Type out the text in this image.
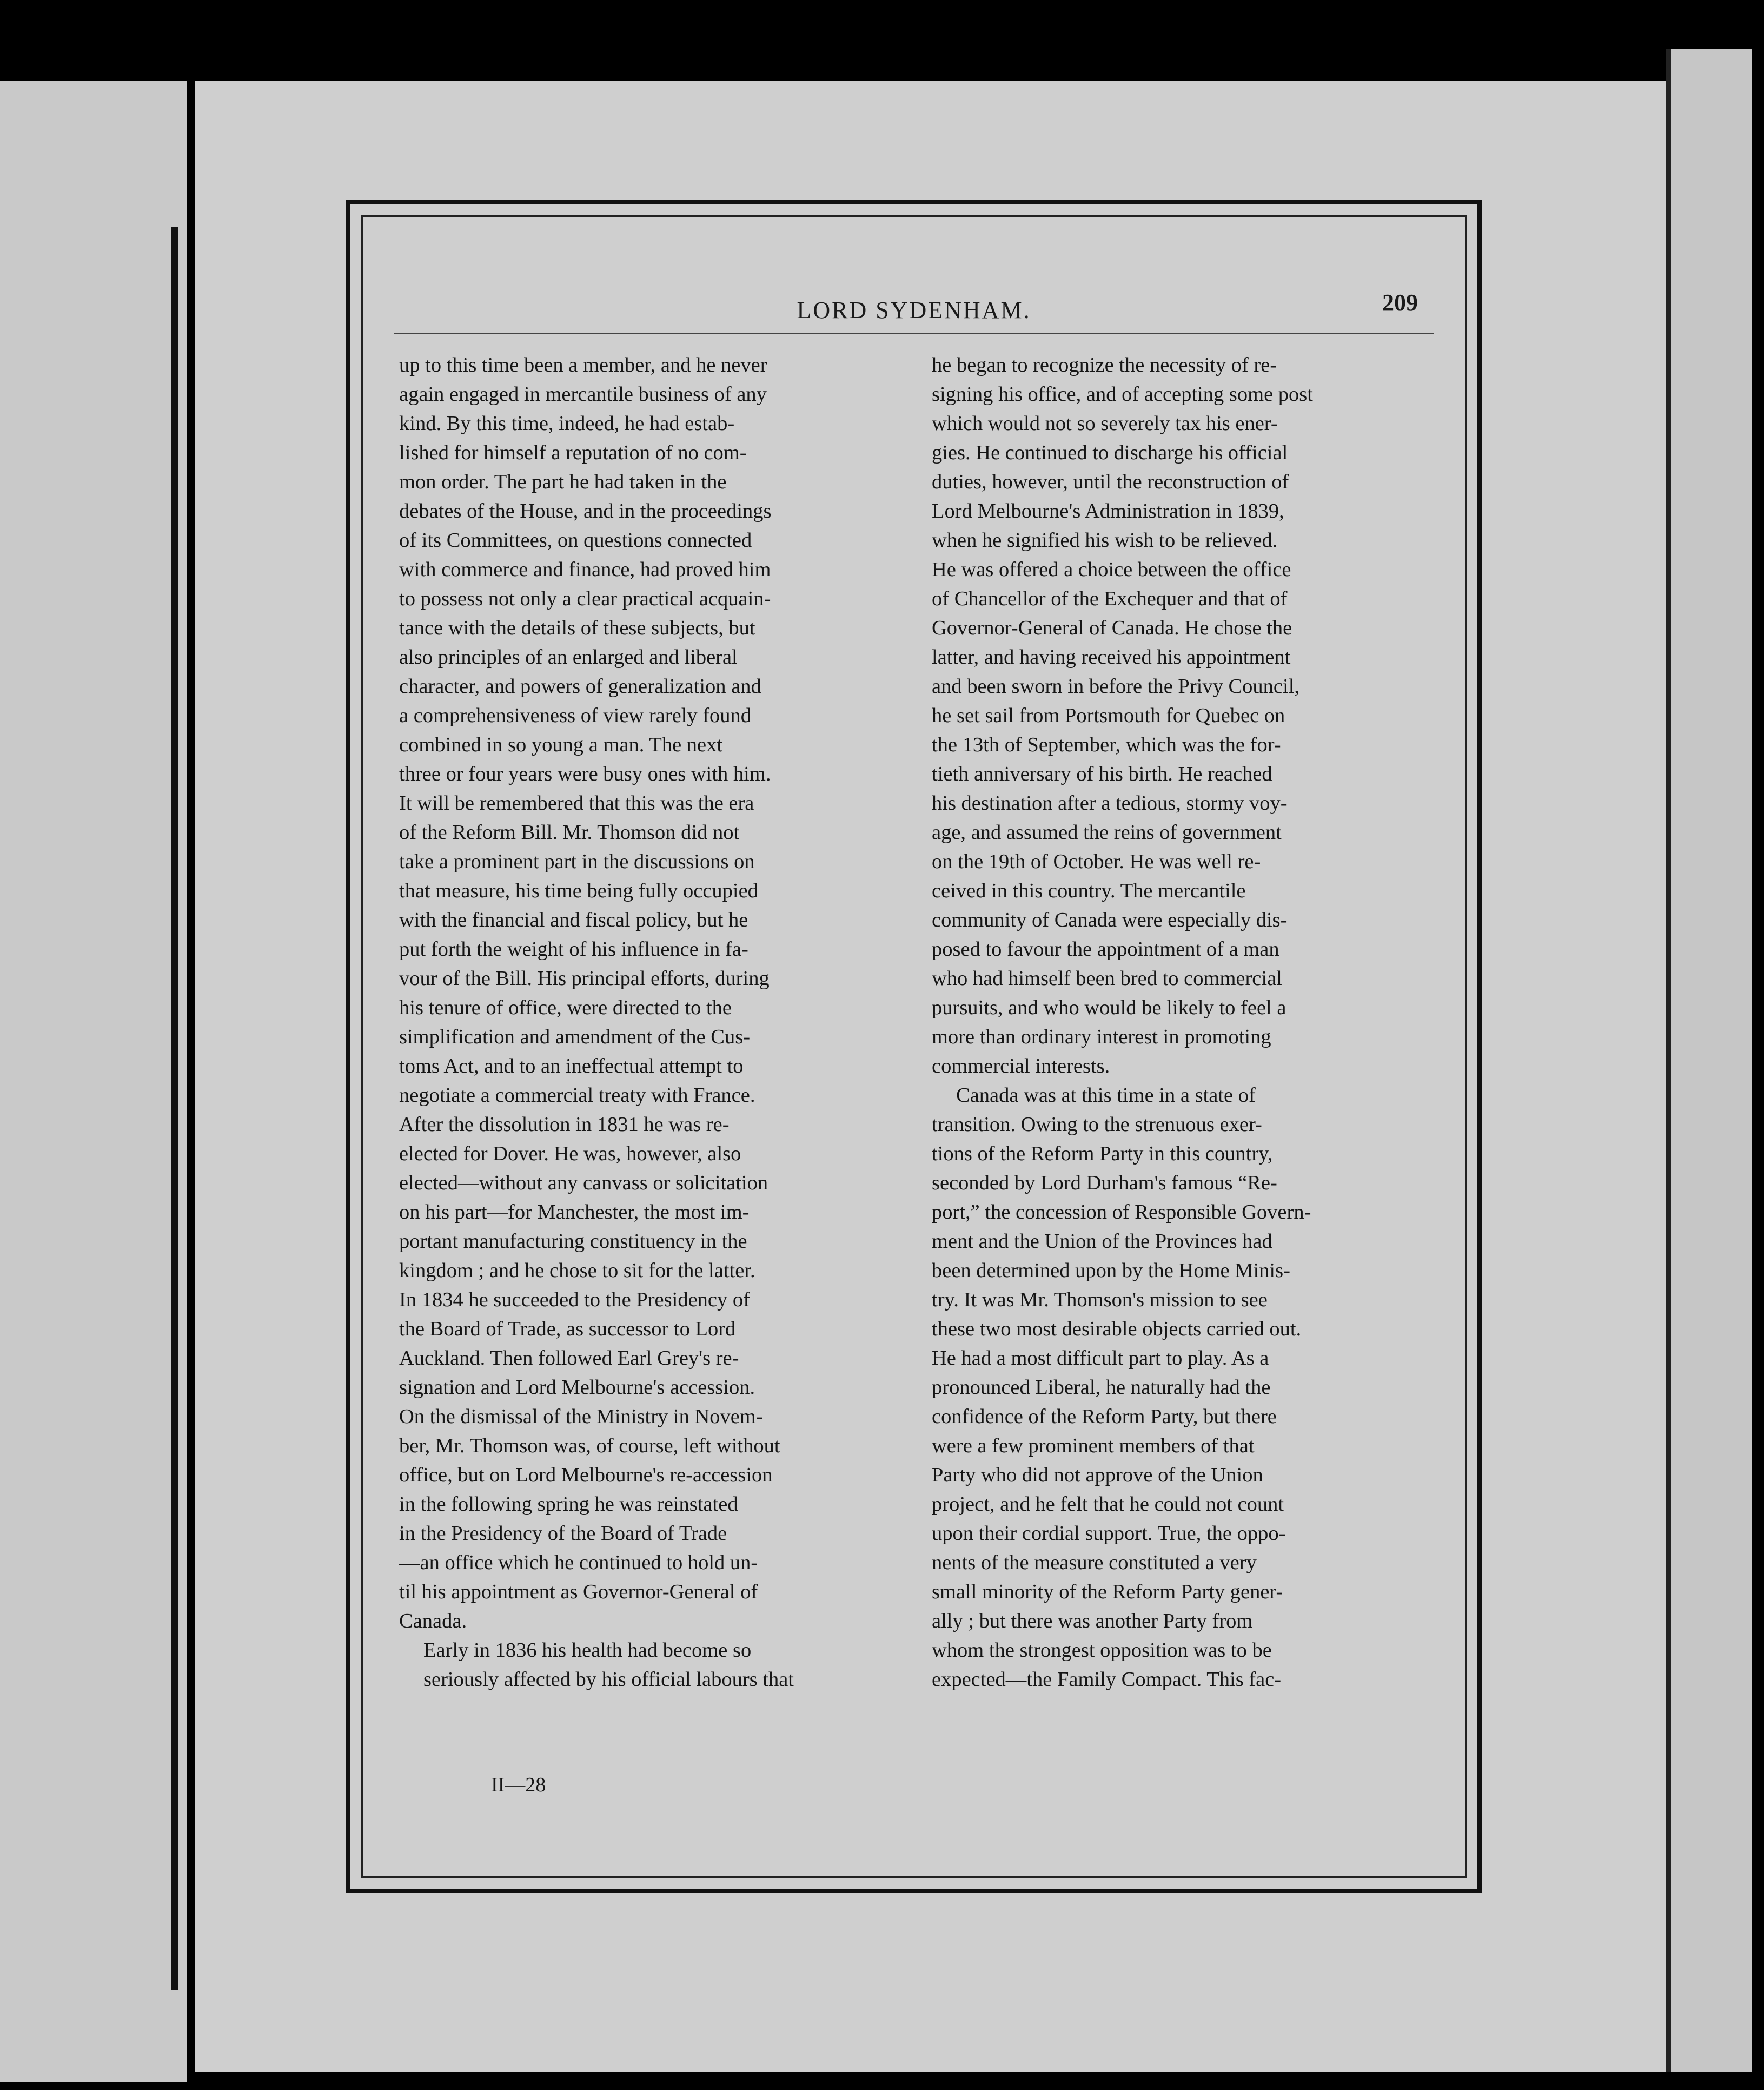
LORD SYDENHAM.	209

up to this time been a member, and he never

again engaged in mercantile business of any

kind. By this time, indeed, he had estab-

lished for himself a reputation of no com-

mon order. The part he had taken in the

debates of the House, and in the proceedings

of its Committees, on questions connected

with commerce and finance, had proved him

to possess not only a clear practical acquain-

tance with the details of these subjects, but

also principles of an enlarged and liberal

character, and powers of generalization and

a comprehensiveness of view rarely found

combined in so young a man. The next

three or four years were busy ones with him.

It will be remembered that this was the era

of the Reform Bill. Mr. Thomson did not

take a prominent part in the discussions on

that measure, his time being fully occupied

with the financial and fiscal policy, but he

put forth the weight of his influence in fa-

vour of the Bill. His principal efforts, during

his tenure of office, were directed to the

simplification and amendment of the Cus-

toms Act, and to an ineffectual attempt to

negotiate a commercial treaty with France.

After the dissolution in 1831 he was re-

elected for Dover. He was, however, also

elected—without any canvass or solicitation

on his part—for Manchester, the most im-

portant manufacturing constituency in the

kingdom ; and he chose to sit for the latter.

In 1834 he succeeded to the Presidency of

the Board of Trade, as successor to Lord

Auckland. Then followed Earl Grey's re-

signation and Lord Melbourne's accession.

On the dismissal of the Ministry in Novem-

ber, Mr. Thomson was, of course, left without

office, but on Lord Melbourne's re-accession

in the following spring he was reinstated

in the Presidency of the Board of Trade

—an office which he continued to hold un-

til his appointment as Governor-General of

Canada.

Early in 1836 his health had become so

seriously affected by his official labours that

he began to recognize the necessity of re-

signing his office, and of accepting some post

which would not so severely tax his ener-

gies. He continued to discharge his official

duties, however, until the reconstruction of

Lord Melbourne's Administration in 1839,

when he signified his wish to be relieved.

He was offered a choice between the office

of Chancellor of the Exchequer and that of

Governor-General of Canada. He chose the

latter, and having received his appointment

and been sworn in before the Privy Council,

he set sail from Portsmouth for Quebec on

the 13th of September, which was the for-

tieth anniversary of his birth. He reached

his destination after a tedious, stormy voy-

age, and assumed the reins of government

on the 19th of October. He was well re-

ceived in this country. The mercantile

community of Canada were especially dis-

posed to favour the appointment of a man

who had himself been bred to commercial

pursuits, and who would be likely to feel a

more than ordinary interest in promoting

commercial interests.

Canada was at this time in a state of

transition. Owing to the strenuous exer-

tions of the Reform Party in this country,

seconded by Lord Durham's famous “Re-

port,” the concession of Responsible Govern-

ment and the Union of the Provinces had

been determined upon by the Home Minis-

try. It was Mr. Thomson's mission to see

these two most desirable objects carried out.

He had a most difficult part to play. As a

pronounced Liberal, he naturally had the

confidence of the Reform Party, but there

were a few prominent members of that

Party who did not approve of the Union

project, and he felt that he could not count

upon their cordial support. True, the oppo-

nents of the measure constituted a very

small minority of the Reform Party gener-

ally ; but there was another Party from

whom the strongest opposition was to be

expected—the Family Compact. This fac-

II—28
